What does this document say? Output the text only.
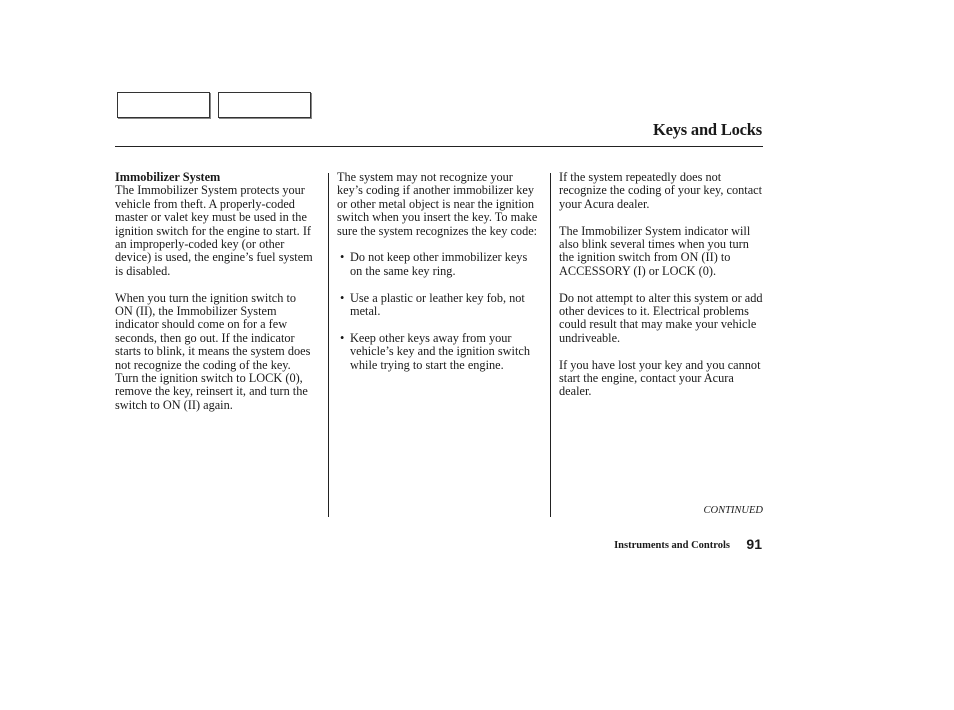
Keys and Locks

Immobilizer System
The Immobilizer System protects your vehicle from theft. A properly-coded master or valet key must be used in the ignition switch for the engine to start. If an improperly-coded key (or other device) is used, the engine’s fuel system is disabled.

When you turn the ignition switch to ON (II), the Immobilizer System indicator should come on for a few seconds, then go out. If the indicator starts to blink, it means the system does not recognize the coding of the key. Turn the ignition switch to LOCK (0), remove the key, reinsert it, and turn the switch to ON (II) again.

The system may not recognize your key’s coding if another immobilizer key or other metal object is near the ignition switch when you insert the key. To make sure the system recognizes the key code:

• Do not keep other immobilizer keys on the same key ring.
• Use a plastic or leather key fob, not metal.
• Keep other keys away from your vehicle’s key and the ignition switch while trying to start the engine.

If the system repeatedly does not recognize the coding of your key, contact your Acura dealer.

The Immobilizer System indicator will also blink several times when you turn the ignition switch from ON (II) to ACCESSORY (I) or LOCK (0).

Do not attempt to alter this system or add other devices to it. Electrical problems could result that may make your vehicle undriveable.

If you have lost your key and you cannot start the engine, contact your Acura dealer.

CONTINUED
Instruments and Controls 91
